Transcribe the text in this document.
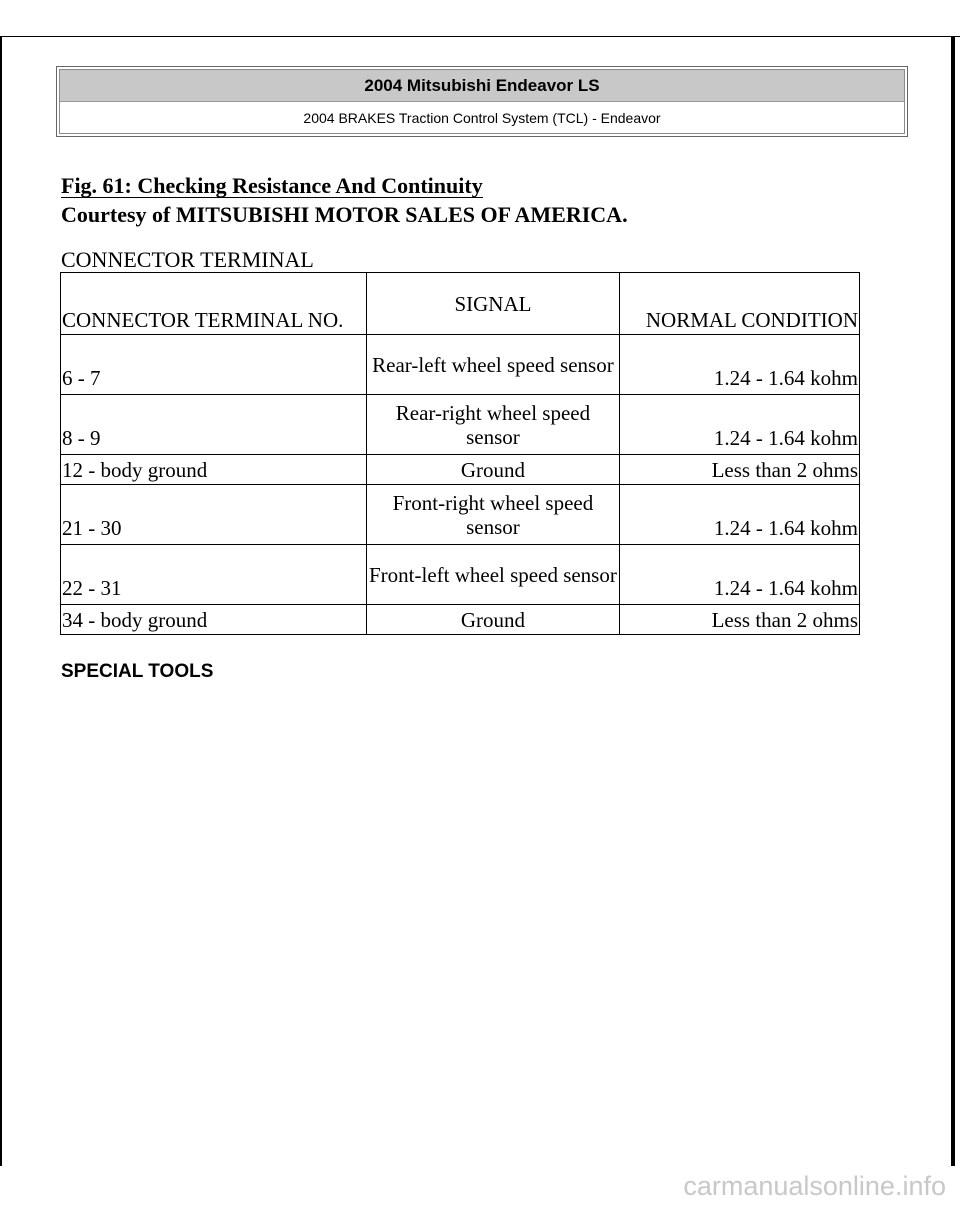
2004 Mitsubishi Endeavor LS
2004 BRAKES Traction Control System (TCL) - Endeavor
Fig. 61: Checking Resistance And Continuity
Courtesy of MITSUBISHI MOTOR SALES OF AMERICA.
CONNECTOR TERMINAL
CONNECTOR TERMINAL NO.	SIGNAL	NORMAL CONDITION
6 - 7	Rear-left wheel speed sensor	1.24 - 1.64 kohm
8 - 9	Rear-right wheel speed sensor	1.24 - 1.64 kohm
12 - body ground	Ground	Less than 2 ohms
21 - 30	Front-right wheel speed sensor	1.24 - 1.64 kohm
22 - 31	Front-left wheel speed sensor	1.24 - 1.64 kohm
34 - body ground	Ground	Less than 2 ohms
SPECIAL TOOLS
carmanualsonline.info
